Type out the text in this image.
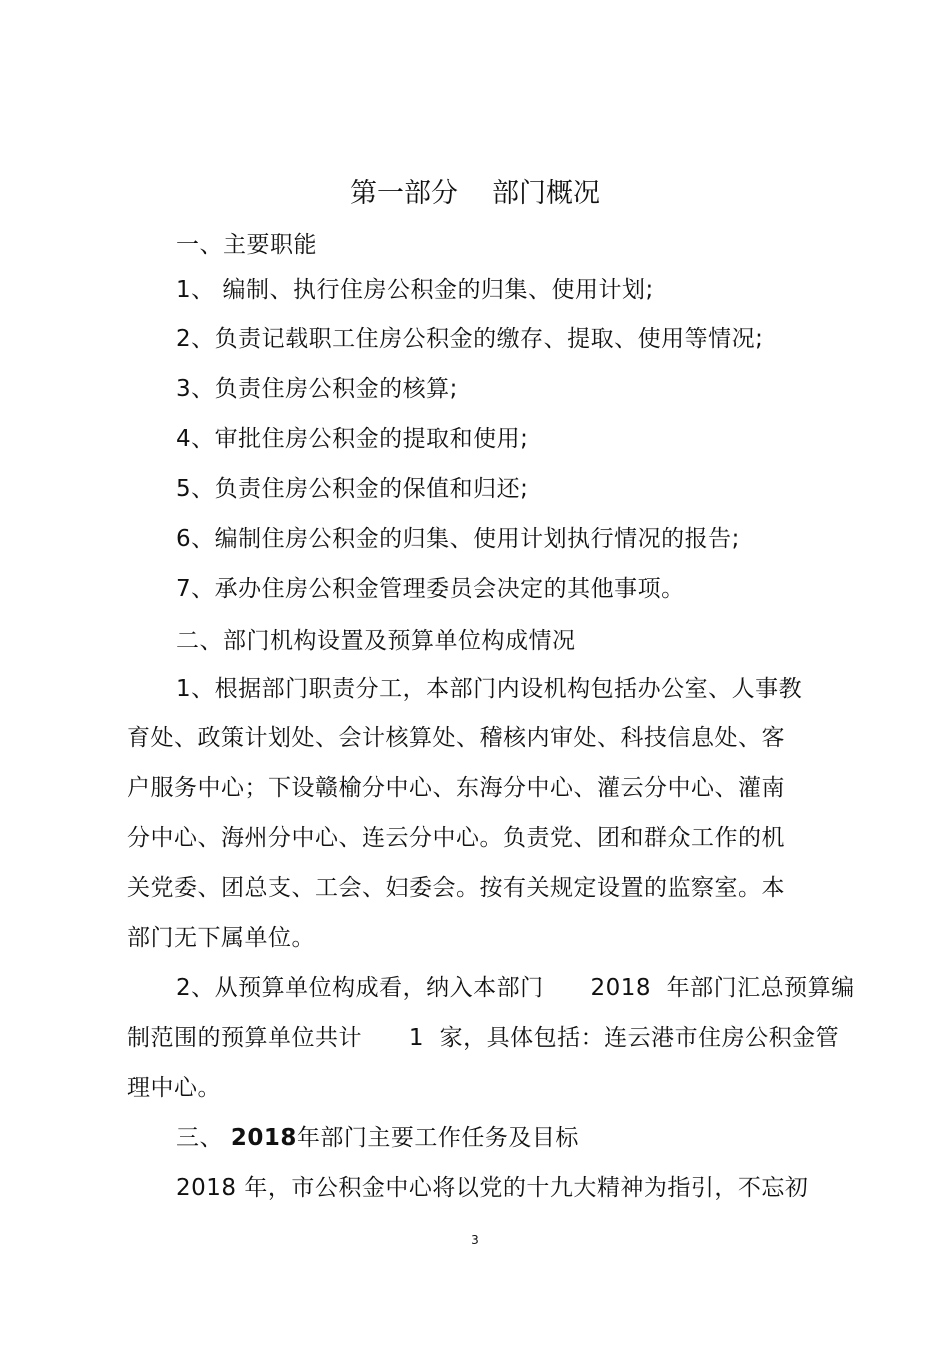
第一部分 部门概况
一、主要职能
1、 编制、执行住房公积金的归集、使用计划;
2、负责记载职工住房公积金的缴存、提取、使用等情况;
3、负责住房公积金的核算;
4、审批住房公积金的提取和使用;
5、负责住房公积金的保值和归还;
6、编制住房公积金的归集、使用计划执行情况的报告;
7、承办住房公积金管理委员会决定的其他事项。
二、部门机构设置及预算单位构成情况
1、根据部门职责分工，本部门内设机构包括办公室、人事教
育处、政策计划处、会计核算处、稽核内审处、科技信息处、客
户服务中心；下设赣榆分中心、东海分中心、灌云分中心、灌南
分中心、海州分中心、连云分中心。负责党、团和群众工作的机
关党委、团总支、工会、妇委会。按有关规定设置的监察室。本
部门无下属单位。
2、从预算单位构成看，纳入本部门      2018  年部门汇总预算编
制范围的预算单位共计      1  家，具体包括：连云港市住房公积金管
理中心。
三、 2018年部门主要工作任务及目标
2018 年，市公积金中心将以党的十九大精神为指引，不忘初
3
